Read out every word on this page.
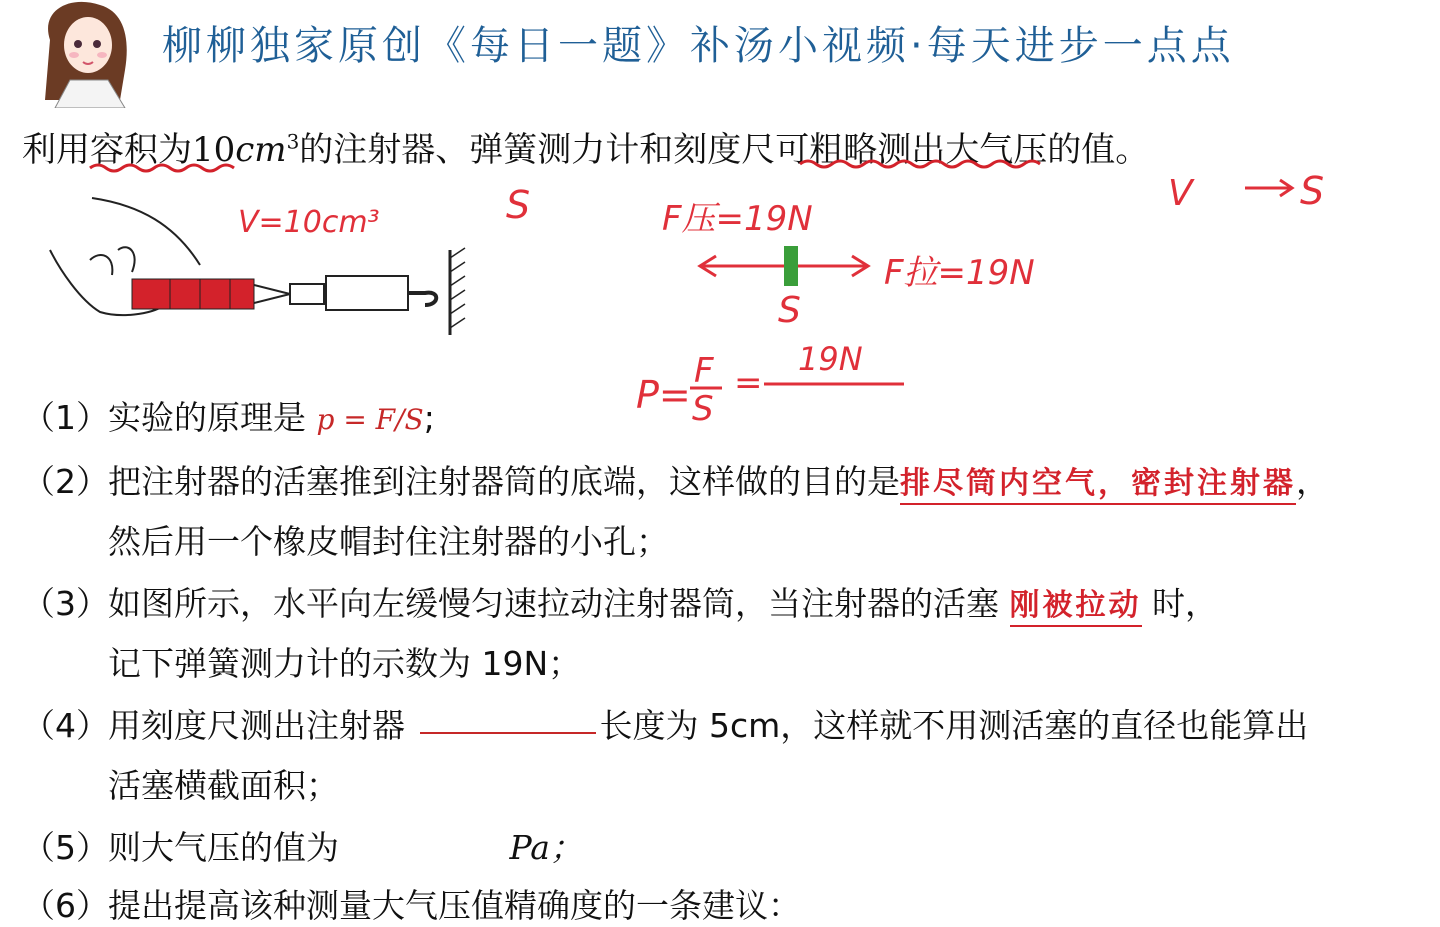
柳柳独家原创《每日一题》补汤小视频·每天进步一点点
利用容积为$10cm^3$的注射器、弹簧测力计和刻度尺可粗略测出大气压的值。
V=10cm³	S	F压=19N
F拉=19N
V	S
S
P=
F
S
=
19N
（1）实验的原理是 p = F/S;
（2）把注射器的活塞推到注射器筒的底端，这样做的目的是排尽筒内空气，密封注射器，
然后用一个橡皮帽封住注射器的小孔；
（3）如图所示，水平向左缓慢匀速拉动注射器筒，当注射器的活塞 刚被拉动 时，
记下弹簧测力计的示数为 19N；
（4）用刻度尺测出注射器	长度为 5cm，这样就不用测活塞的直径也能算出
活塞横截面积；
（5）则大气压的值为	Pa；
（6）提出提高该种测量大气压值精确度的一条建议：
